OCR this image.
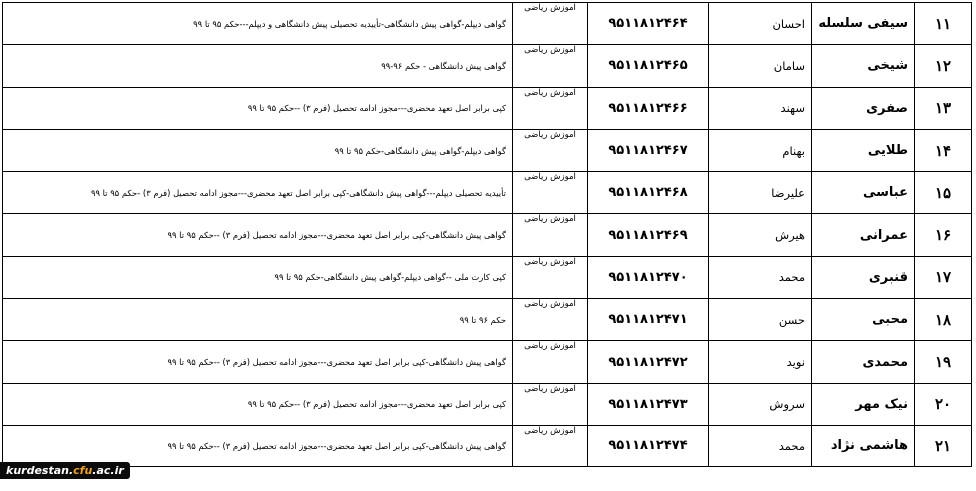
۱۱	سیفی سلسله	احسان	۹۵۱۱۸۱۲۴۶۴	آموزش ریاضی	گواهی دیپلم-گواهی پیش دانشگاهی-تأییدیه تحصیلی پیش دانشگاهی و دیپلم---حکم ۹۵ تا ۹۹
۱۲	شیخی	سامان	۹۵۱۱۸۱۲۴۶۵	آموزش ریاضی	گواهی پیش دانشگاهی - حکم ۹۶-۹۹
۱۳	صفری	سهند	۹۵۱۱۸۱۲۴۶۶	آموزش ریاضی	کپی برابر اصل تعهد محضری---مجوز ادامه تحصیل (فرم ۳) --حکم ۹۵ تا ۹۹
۱۴	طلایی	بهنام	۹۵۱۱۸۱۲۴۶۷	آموزش ریاضی	گواهی دیپلم-گواهی پیش دانشگاهی-حکم ۹۵ تا ۹۹
۱۵	عباسی	علیرضا	۹۵۱۱۸۱۲۴۶۸	آموزش ریاضی	تأییدیه تحصیلی دیپلم---گواهی پیش دانشگاهی-کپی برابر اصل تعهد محضری---مجوز ادامه تحصیل (فرم ۳) -حکم ۹۵ تا ۹۹
۱۶	عمرانی	هیرش	۹۵۱۱۸۱۲۴۶۹	آموزش ریاضی	گواهی پیش دانشگاهی-کپی برابر اصل تعهد محضری---مجوز ادامه تحصیل (فرم ۳) --حکم ۹۵ تا ۹۹
۱۷	قنبری	محمد	۹۵۱۱۸۱۲۴۷۰	آموزش ریاضی	کپی کارت ملی --گواهی دیپلم-گواهی پیش دانشگاهی-حکم ۹۵ تا ۹۹
۱۸	محبی	حسن	۹۵۱۱۸۱۲۴۷۱	آموزش ریاضی	حکم ۹۶ تا ۹۹
۱۹	محمدی	نوید	۹۵۱۱۸۱۲۴۷۲	آموزش ریاضی	گواهی پیش دانشگاهی-کپی برابر اصل تعهد محضری---مجوز ادامه تحصیل (فرم ۳) --حکم ۹۵ تا ۹۹
۲۰	نیک مهر	سروش	۹۵۱۱۸۱۲۴۷۳	آموزش ریاضی	کپی برابر اصل تعهد محضری---مجوز ادامه تحصیل (فرم ۳) --حکم ۹۵ تا ۹۹
۲۱	هاشمی نژاد	محمد	۹۵۱۱۸۱۲۴۷۴	آموزش ریاضی	گواهی پیش دانشگاهی-کپی برابر اصل تعهد محضری---مجوز ادامه تحصیل (فرم ۳) --حکم ۹۵ تا ۹۹
kurdestan.cfu.ac.ir
